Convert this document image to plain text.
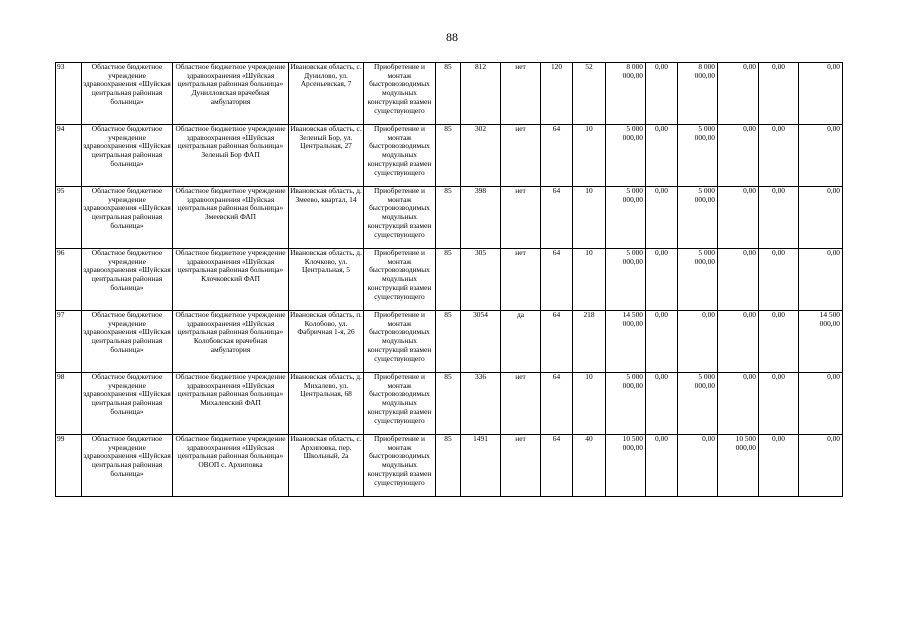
88
93	Областное бюджетное учреждение здравоохранения «Шуйская центральная районная больница»	Областное бюджетное учреждение здравоохранения «Шуйская центральная районная больница» Дунилловская врачебная амбулатория	Ивановская область, с. Дунилово, ул. Арсеньевская, 7	Приобретение и монтаж быстровозводимых модульных конструкций взамен существующего	85	812	нет	120	52	8 000 000,00	0,00	8 000 000,00	0,00	0,00	0,00
94	Областное бюджетное учреждение здравоохранения «Шуйская центральная районная больница»	Областное бюджетное учреждение здравоохранения «Шуйская центральная районная больница» Зеленый Бор ФАП	Ивановская область, с. Зеленый Бор, ул. Центральная, 27	Приобретение и монтаж быстровозводимых модульных конструкций взамен существующего	85	302	нет	64	10	5 000 000,00	0,00	5 000 000,00	0,00	0,00	0,00
95	Областное бюджетное учреждение здравоохранения «Шуйская центральная районная больница»	Областное бюджетное учреждение здравоохранения «Шуйская центральная районная больница» Змеевский ФАП	Ивановская область, д. Змеево, квартал, 14	Приобретение и монтаж быстровозводимых модульных конструкций взамен существующего	85	398	нет	64	10	5 000 000,00	0,00	5 000 000,00	0,00	0,00	0,00
96	Областное бюджетное учреждение здравоохранения «Шуйская центральная районная больница»	Областное бюджетное учреждение здравоохранения «Шуйская центральная районная больница» Клочковский ФАП	Ивановская область, д. Клочково, ул. Центральная, 5	Приобретение и монтаж быстровозводимых модульных конструкций взамен существующего	85	305	нет	64	10	5 000 000,00	0,00	5 000 000,00	0,00	0,00	0,00
97	Областное бюджетное учреждение здравоохранения «Шуйская центральная районная больница»	Областное бюджетное учреждение здравоохранения «Шуйская центральная районная больница» Колобовская врачебная амбулатория	Ивановская область, п. Колобово, ул. Фабричная 1-я, 26	Приобретение и монтаж быстровозводимых модульных конструкций взамен существующего	85	3054	да	64	218	14 500 000,00	0,00	0,00	0,00	0,00	14 500 000,00
98	Областное бюджетное учреждение здравоохранения «Шуйская центральная районная больница»	Областное бюджетное учреждение здравоохранения «Шуйская центральная районная больница» Михалевский ФАП	Ивановская область, д. Михалево, ул. Центральная, 68	Приобретение и монтаж быстровозводимых модульных конструкций взамен существующего	85	336	нет	64	10	5 000 000,00	0,00	5 000 000,00	0,00	0,00	0,00
99	Областное бюджетное учреждение здравоохранения «Шуйская центральная районная больница»	Областное бюджетное учреждение здравоохранения «Шуйская центральная районная больница» ОВОП с. Архиповка	Ивановская область, с. Архиповка, пер. Школьный, 2а	Приобретение и монтаж быстровозводимых модульных конструкций взамен существующего	85	1491	нет	64	40	10 500 000,00	0,00	0,00	10 500 000,00	0,00	0,00
